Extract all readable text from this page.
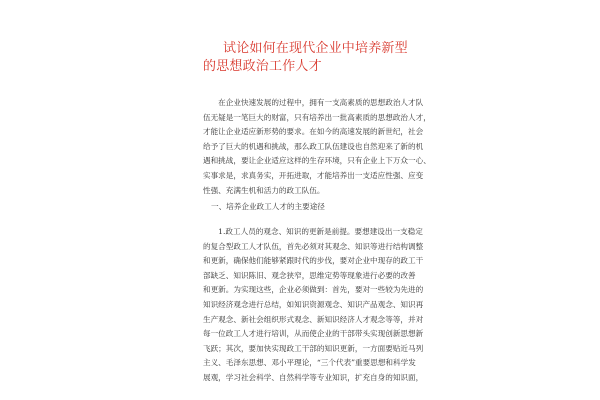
试论如何在现代企业中培养新型
的思想政治工作人才
　　在企业快速发展的过程中，拥有一支高素质的思想政治人才队
伍无疑是一笔巨大的财富，只有培养出一批高素质的思想政治人才，
才能让企业适应新形势的要求。在如今的高速发展的新世纪，社会
给予了巨大的机遇和挑战，那么政工队伍建设也自然迎来了新的机
遇和挑战，要让企业适应这样的生存环境，只有企业上下万众一心、
实事求是，求真务实，开拓进取，才能培养出一支适应性强、应变
性强、充满生机和活力的政工队伍。
一、培养企业政工人才的主要途径
　　1.政工人员的观念、知识的更新是前提。要想建设出一支稳定
的复合型政工人才队伍，首先必须对其观念、知识等进行结构调整
和更新，确保他们能够紧跟时代的步伐，要对企业中现存的政工干
部缺乏、知识陈旧、观念狭窄，思维定势等现象进行必要的改善
和更新。为实现这些，企业必须做到：首先，要对一些较为先进的
知识经济观念进行总结，如知识资源观念、知识产品观念、知识再
生产观念、新社会组织形式观念、新知识经济人才观念等等，并对
每一位政工人才进行培训，从而使企业的干部带头实现创新思想新
飞跃；其次，要加快实现政工干部的知识更新，一方面要贴近马列
主义、毛泽东思想、邓小平理论，“三个代表”重要思想和科学发
展观，学习社会科学、自然科学等专业知识，扩充自身的知识面，
